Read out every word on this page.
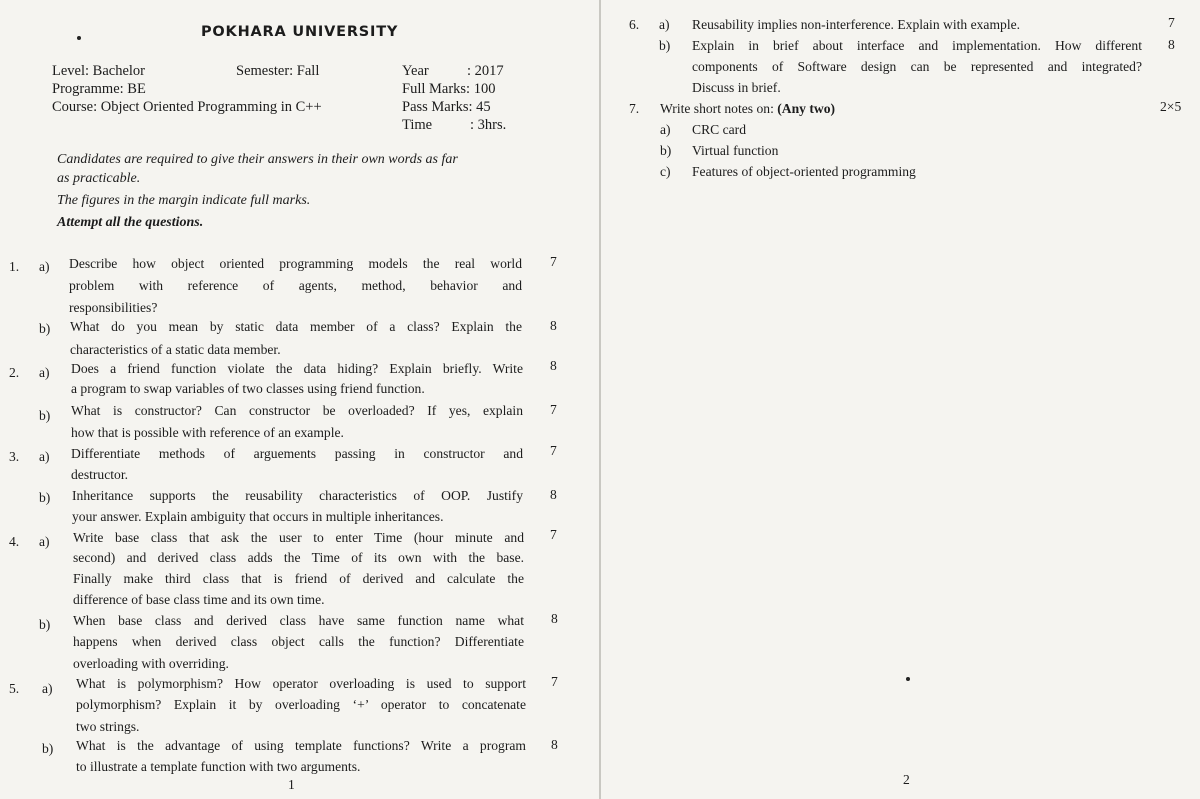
POKHARA UNIVERSITY
Level: Bachelor	Semester: Fall
Programme: BE
Course: Object Oriented Programming in C++
Year	: 2017
Full Marks: 100
Pass Marks: 45
Time	: 3hrs.
Candidates are required to give their answers in their own words as far
as practicable.
The figures in the margin indicate full marks.
Attempt all the questions.
1. a) Describe how object oriented programming models the real world
problem with reference of agents, method, behavior and
responsibilities?
7
b) What do you mean by static data member of a class? Explain the
characteristics of a static data member.
8
2. a) Does a friend function violate the data hiding? Explain briefly. Write
a program to swap variables of two classes using friend function.
8
b) What is constructor? Can constructor be overloaded? If yes, explain
how that is possible with reference of an example.
7
3. a) Differentiate methods of arguements passing in constructor and
destructor.
7
b) Inheritance supports the reusability characteristics of OOP. Justify
your answer. Explain ambiguity that occurs in multiple inheritances.
8
4. a) Write base class that ask the user to enter Time (hour minute and
second) and derived class adds the Time of its own with the base.
Finally make third class that is friend of derived and calculate the
difference of base class time and its own time.
7
b) When base class and derived class have same function name what
happens when derived class object calls the function? Differentiate
overloading with overriding.
8
5. a) What is polymorphism? How operator overloading is used to support
polymorphism? Explain it by overloading ‘+’ operator to concatenate
two strings.
7
b) What is the advantage of using template functions? Write a program
to illustrate a template function with two arguments.
8
1
6. a) Reusability implies non-interference. Explain with example.	7
b) Explain in brief about interface and implementation. How different
components of Software design can be represented and integrated?
Discuss in brief.
8
7. Write short notes on: (Any two)	2×5
a) CRC card
b) Virtual function
c) Features of object-oriented programming
2
